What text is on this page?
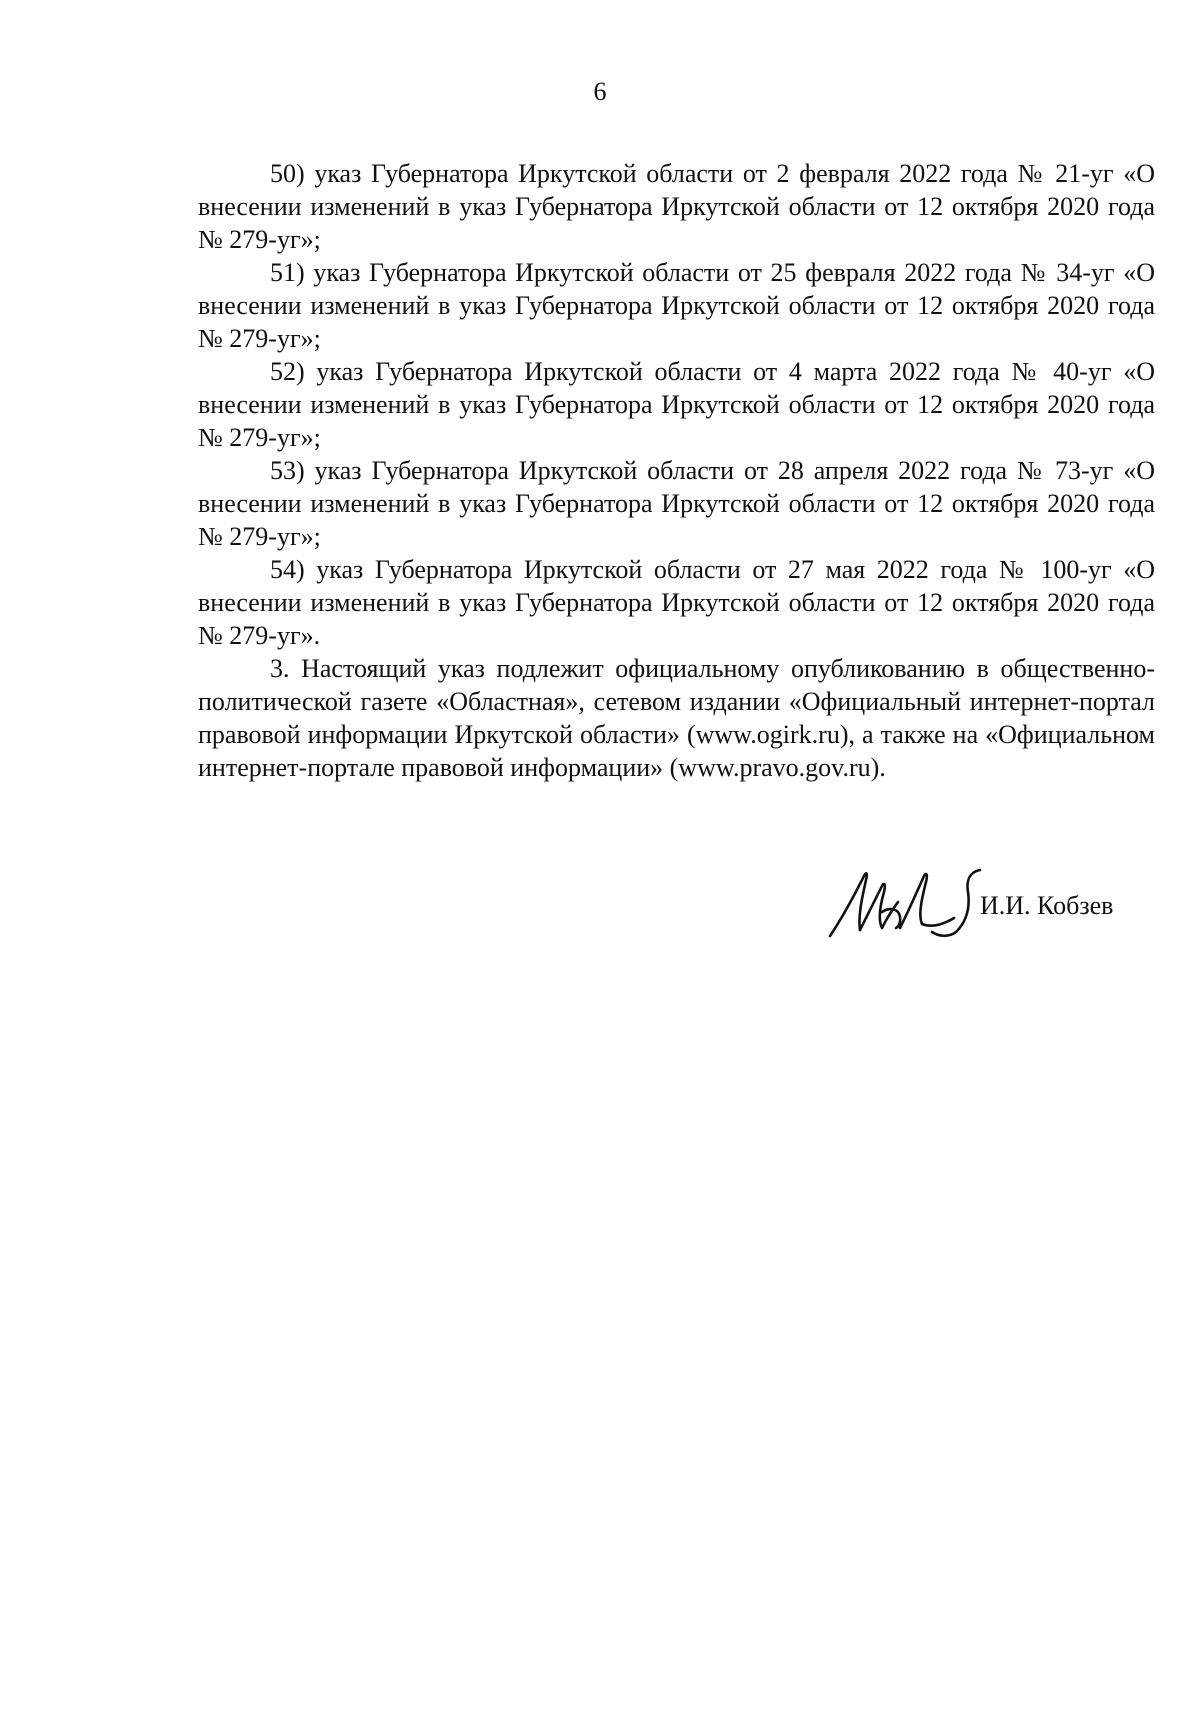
6

50) указ Губернатора Иркутской области от 2 февраля 2022 года № 21-уг «О внесении изменений в указ Губернатора Иркутской области от 12 октября 2020 года № 279-уг»;

51) указ Губернатора Иркутской области от 25 февраля 2022 года № 34-уг «О внесении изменений в указ Губернатора Иркутской области от 12 октября 2020 года № 279-уг»;

52) указ Губернатора Иркутской области от 4 марта 2022 года № 40-уг «О внесении изменений в указ Губернатора Иркутской области от 12 октября 2020 года № 279-уг»;

53) указ Губернатора Иркутской области от 28 апреля 2022 года № 73-уг «О внесении изменений в указ Губернатора Иркутской области от 12 октября 2020 года № 279-уг»;

54) указ Губернатора Иркутской области от 27 мая 2022 года № 100-уг «О внесении изменений в указ Губернатора Иркутской области от 12 октября 2020 года № 279-уг».

3. Настоящий указ подлежит официальному опубликованию в общественно-политической газете «Областная», сетевом издании «Официальный интернет-портал правовой информации Иркутской области» (www.ogirk.ru), а также на «Официальном интернет-портале правовой информации» (www.pravo.gov.ru).

И.И. Кобзев
